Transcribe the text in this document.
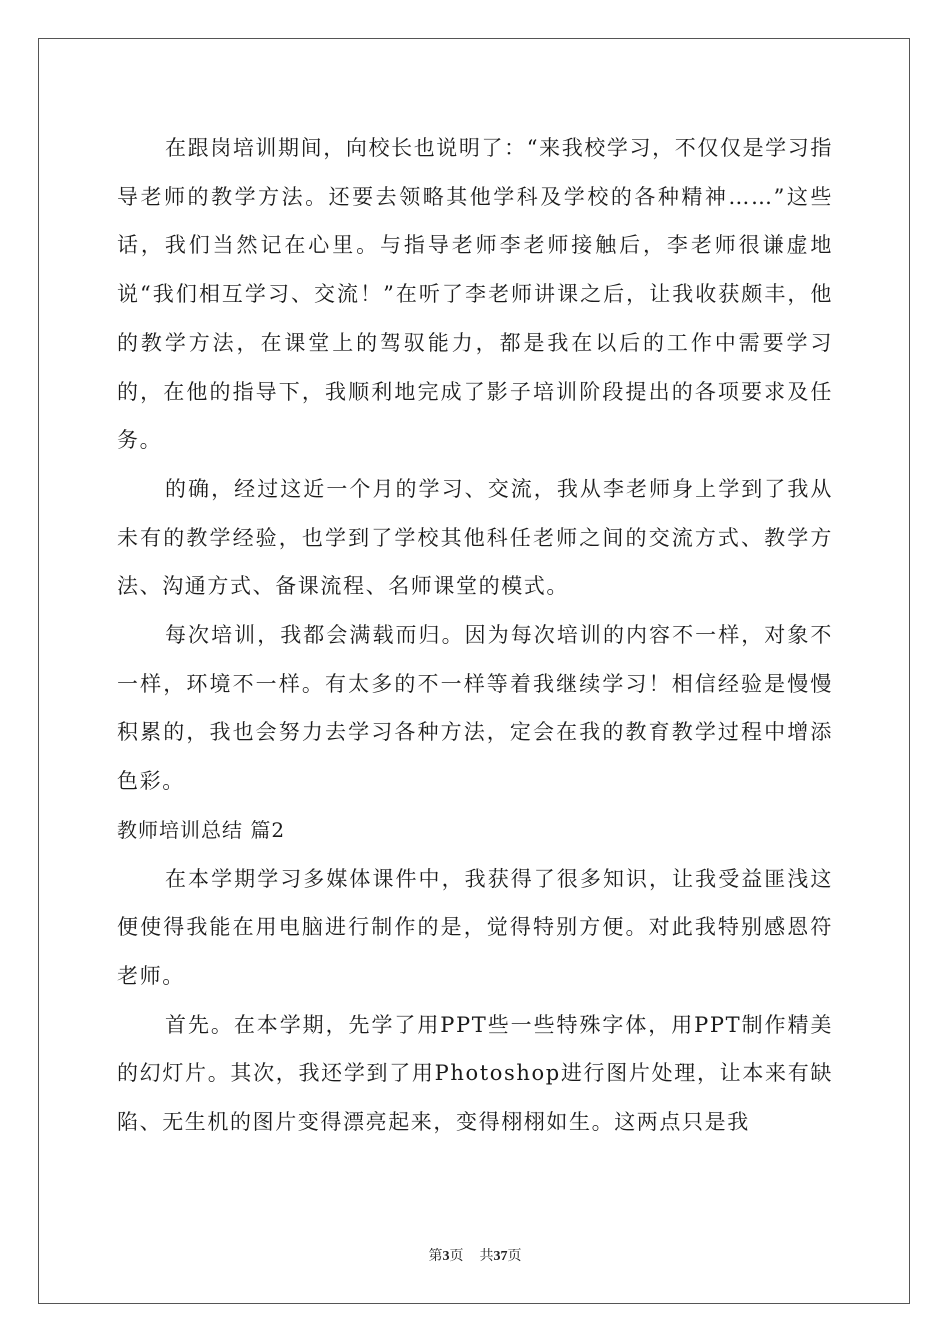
在跟岗培训期间，向校长也说明了：“来我校学习，不仅仅是学习指导老师的教学方法。还要去领略其他学科及学校的各种精神……”这些话，我们当然记在心里。与指导老师李老师接触后，李老师很谦虚地说“我们相互学习、交流！”在听了李老师讲课之后，让我收获颇丰，他的教学方法，在课堂上的驾驭能力，都是我在以后的工作中需要学习的，在他的指导下，我顺利地完成了影子培训阶段提出的各项要求及任务。

的确，经过这近一个月的学习、交流，我从李老师身上学到了我从未有的教学经验，也学到了学校其他科任老师之间的交流方式、教学方法、沟通方式、备课流程、名师课堂的模式。

每次培训，我都会满载而归。因为每次培训的内容不一样，对象不一样，环境不一样。有太多的不一样等着我继续学习！相信经验是慢慢积累的，我也会努力去学习各种方法，定会在我的教育教学过程中增添色彩。

教师培训总结 篇2

在本学期学习多媒体课件中，我获得了很多知识，让我受益匪浅这便使得我能在用电脑进行制作的是，觉得特别方便。对此我特别感恩符老师。

首先。在本学期，先学了用PPT些一些特殊字体，用PPT制作精美的幻灯片。其次，我还学到了用Photoshop进行图片处理，让本来有缺陷、无生机的图片变得漂亮起来，变得栩栩如生。这两点只是我

第3页 共37页
